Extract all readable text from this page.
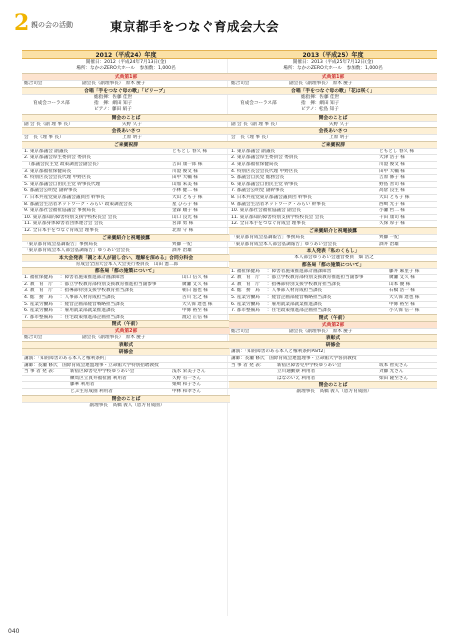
2 親の会の活動	東京都手をつなぐ育成会大会
2012（平成24）年度
開催日：2012（平成24年7月13日(金)
場所：なかのZERO大ホール　参加数：1,000名
式典第1部
総合司会	副会長（副理事長）　原木 慶子
合唱「手をつなぐ母の歌」「ビリーブ」
育成会コーラス部
総指揮：佐藤 佳世
指　揮：網田 知子
ピアノ：藤田 絹子
開会のことば
副 会 長（副 理 事 長）	矢野 久子
会長あいさつ
会　長（理 事 長）	上原 明子
ご来賓祝辞
1. 東京都議会 副議長	ともとし 春久 様
2. 東京都議会厚生委員会 委員長
　（都議会民主党 政策調査会副会長）	吉田 康一郎 様
3. 東京都福祉保健局長	川澄 俊文 様
4. 特別区長会会長代理 中野区長	田中 大輔 様
5. 東京都議会自由民主党 幹事長代理	山加 朱美 様
6. 都議会公明党 副幹事長	小林 健二 様
7. 日本共産党東京都議会議員団 幹事長	大山 とも子 様
8. 都議会生活者ネットワーク・みらい 政策調査会長	星 ひろ子 様
9. 東京都社会福祉協議会 事務局長	金森 順子 様
10. 東京都知的障害特別支援学校校長会 会長	山口 良光 様
11. 東京都身体障害者団体連合会 会長	宮澤 勇 様
12. 全日本手をつなぐ育成会 理事長	北原 守 様
ご来賓紹介と祝電披露
「東京都育成会基調報告」事務局長	齊藤 一紀
「東京都育成会本人部会基調報告」ゆうあい会会長	酒井 治雄
本大会発表「親と本人が話し合い、理解を深める」合同分科会
育成会全国大会本人大会実行委員長　山田 憲二郎
都各局「都の施策について」
1. 福祉保健局 ：障害者施策推進部計画課障害	山口 信久 様
2. 教　育　庁 ：都立学校教育部特別支援教育推進担当副参事	廣瀬 丈久 様
3. 教　育　庁 ：指導部特別支援学校教育担当課長	朝日 滋也 様
4. 総　務　局 ：人事部人材育成担当課長	古川 宏之 様
5. 産業労働局 ：経営企画部経営戦略担当課長	大久保 達也 様
6. 産業労働局 ：雇用就業部就業推進課長	中條 裕至 様
7. 都市整備局 ：住宅政策推進部企画担当課長	渡辺 正信 様
閉式（午前）
式典第2部
総合司会	副会長（副理事長）　原木 慶子
表彰式
研修会
講演：「知的障害のある本人と権利条約」
講師：長瀬 修氏　国際育成会連盟理事・立命館大学特別招聘教授
当 事 者 発 表：	新宿区障害児中学校ゆうあい会	浅水 栄美子さん
練馬区立貫井福祉園 利用者	久野 有一さん
藤華 利用者	栗崎 和子さん
とぶ生育成園 利用者	中林 和孝さん
閉会のことば
副理事長　高橋 義人（恩方育成園）
2013（平成25）年度
開催日：2013（平成25年7月12日(金)
場所：なかのZERO大ホール　参加数：1,000名
式典第1部
総合司会	副会長（副理事長）　原木 慶子
合唱「手をつなぐ母の歌」「花は咲く」
育成会コーラス部
総指揮：佐藤 佳世
指　揮：網田 知子
ピアノ：松島 知子
開会のことば
副 会 長（副 理 事 長）	矢野 久子
会長あいさつ
会　長（理 事 長）	上原 明子
ご来賓祝辞
1. 東京都議会 副議長	ともとし 春久 様
2. 東京都議会厚生委員会 委員長	大津 浩子 様
3. 東京都福祉保健局長	川澄 俊文 様
4. 特別区長会会長代理 中野区長	田中 大輔 様
5. 都議会自民党 総務会長	吉原 修子 様
6. 東京都議会自由民主党 幹事長	野島 善司 様
7. 都議会公明党 副幹事長	高倉 良生 様
8. 日本共産党東京都議会議員団 幹事長	大山 とも子 様
9. 都議会生活者ネットワーク・みらい 幹事長	西崎 光子 様
10. 東京都社会福祉協議会 副会長	小瀬 哲二 様
11. 東京都知的障害特別支援学校校長会 会長	千田 康司 様
12. 全日本手をつなぐ育成会 理事長	久保 厚子 様
ご来賓紹介と祝電披露
「東京都育成会基調報告」事務局長	齊藤 一紀
「東京都育成会本人部会基調報告」ゆうあい会会長	酒井 治雄
本人発表「私のくらし」
本人部会ゆうあい会運営委員　畑 浩之
都各局「都の施策について」
1. 福祉保健局 ：障害者施策推進部計画課障害	藤井 麻里子 様
2. 教　育　庁 ：都立学校教育部特別支援教育推進担当副参事	廣瀬 丈久 様
3. 教　育　庁 ：指導部特別支援学校教育担当課長	山本 優 様
4. 総　務　局 ：人事部人材育成担当課長	石橋 浩一 様
5. 産業労働局 ：経営企画部経営戦略担当課長	大久保 達也 様
6. 産業労働局 ：雇用就業部就業推進課長	中條 裕至 様
7. 都市整備局 ：住宅政策推進部企画担当課長	小久保 信一 様
閉式（午前）
式典第2部
総合司会	副会長（副理事長）　原木 慶子
表彰式
研修会
講演：「知的障害のある本人と権利条約Part2」
講師：長瀬 修氏　国際育成会連盟理事・立命館大学客員教授
当 事 者 発 表：	新宿区障害児中学校ゆうあい会	坂本 智史さん
立川通勤寮 利用者	斉藤 光さん
はなのいえ 利用者	柴田 隆至さん
閉会のことば
副理事長　高橋 義人（恩方育成園）
040
